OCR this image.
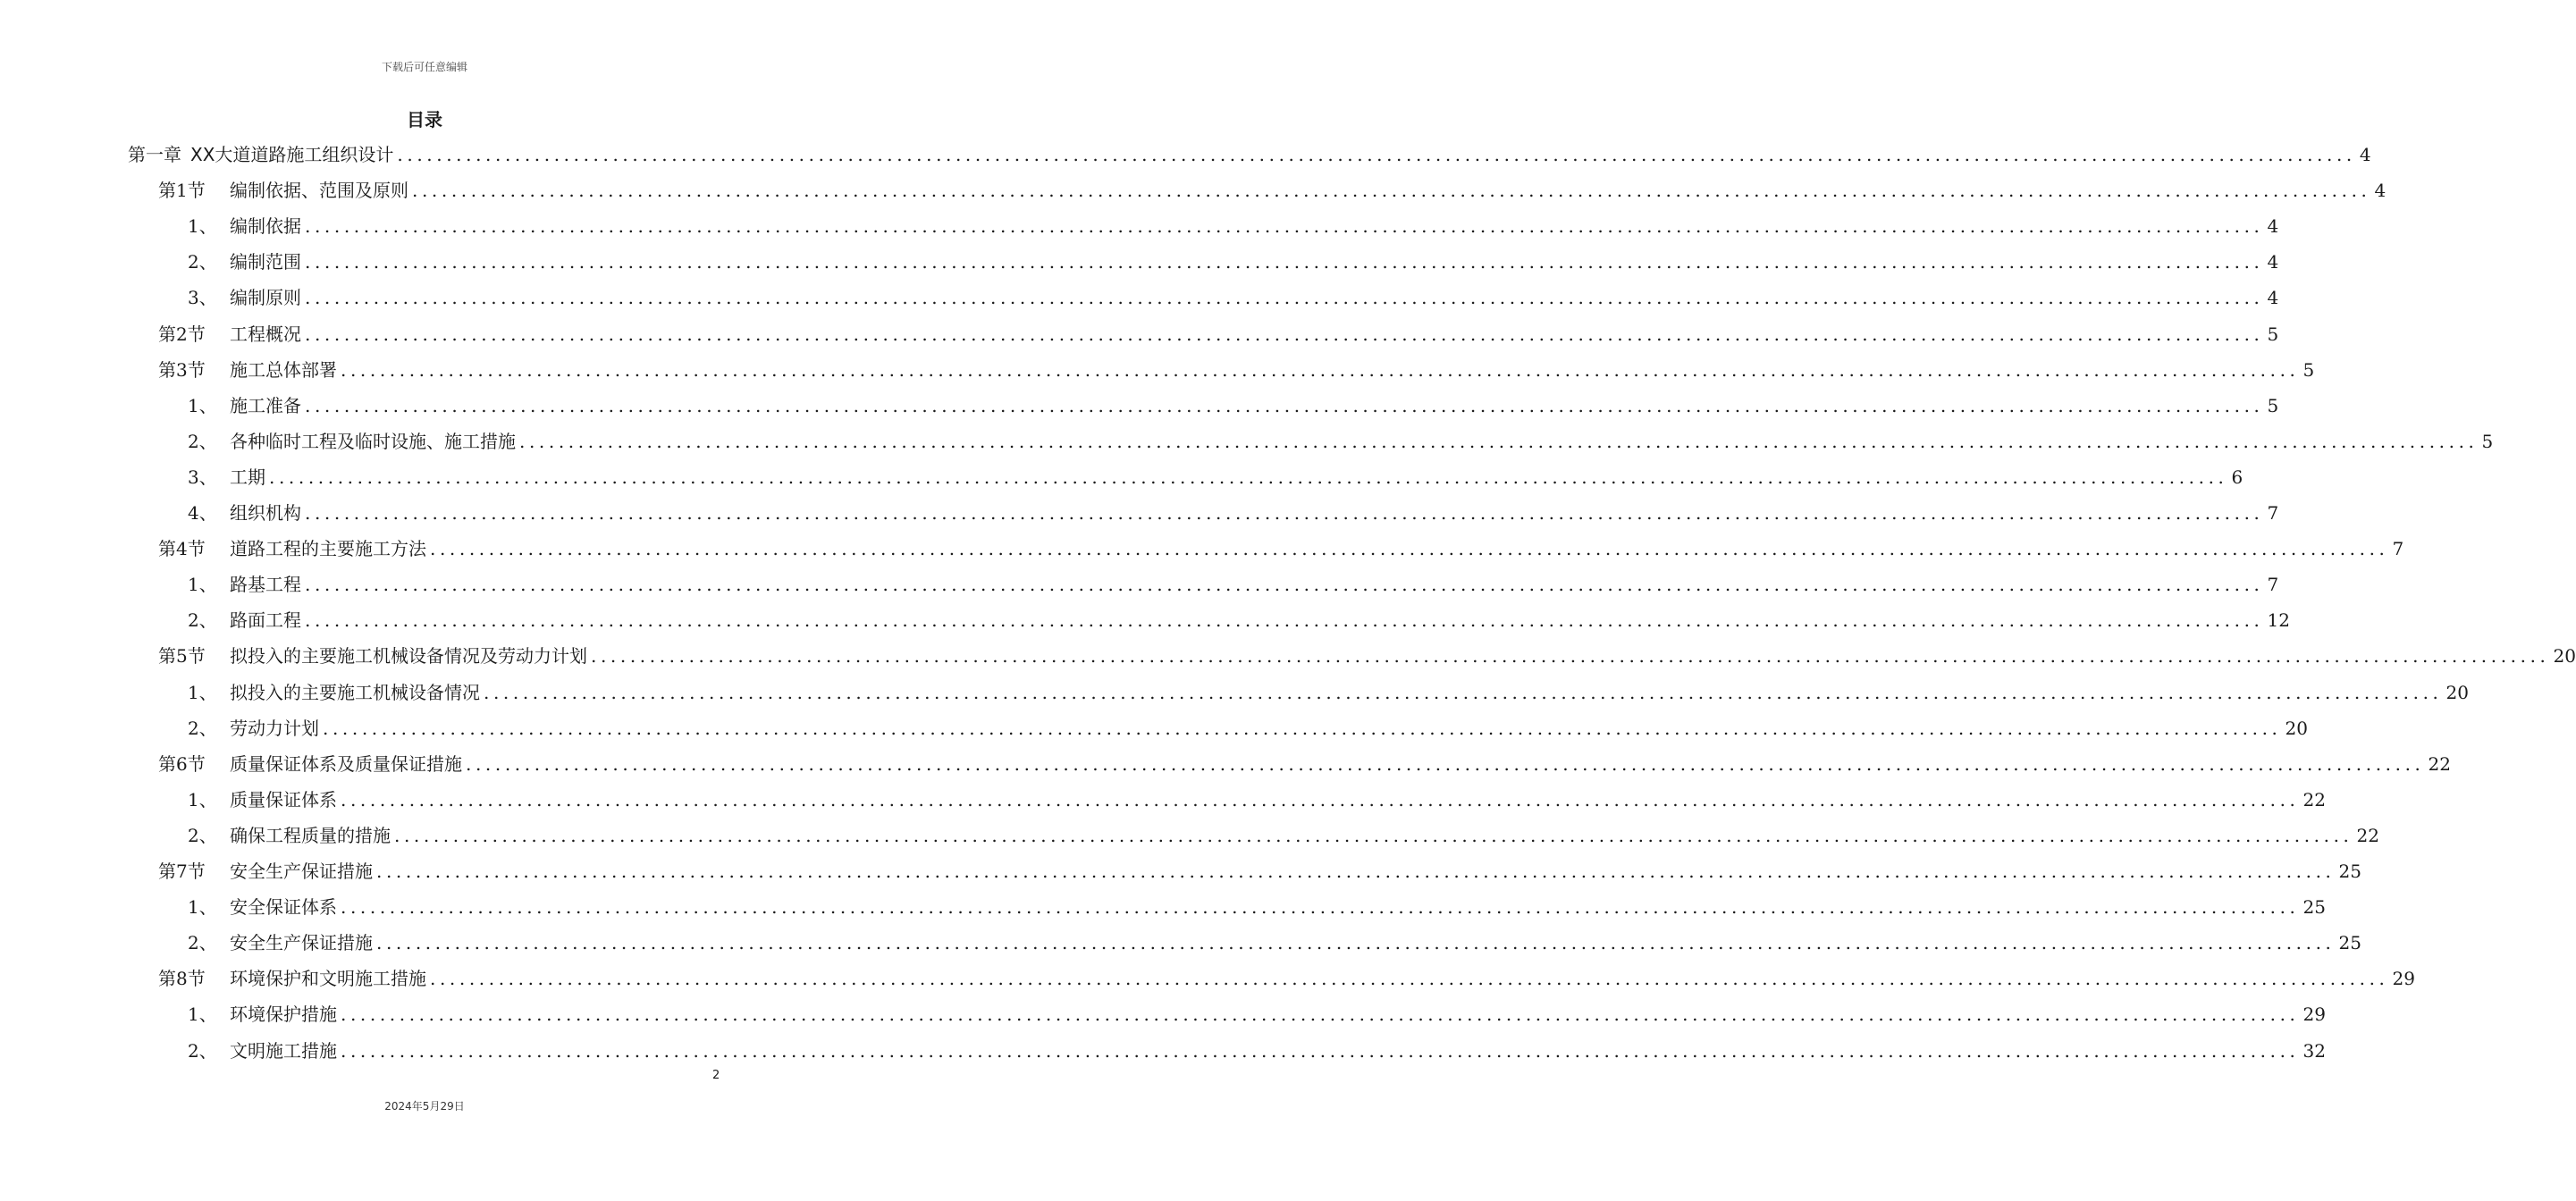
下载后可任意编辑
目录
第一章 XX大道道路施工组织设计 ........................................................................................................................................................................................................ 4
第1节	编制依据、范围及原则 ........................................................................................................................................................................................................ 4
1、 编制依据 ........................................................................................................................................................................................................ 4
2、 编制范围 ........................................................................................................................................................................................................ 4
3、 编制原则 ........................................................................................................................................................................................................ 4
第2节	工程概况 ........................................................................................................................................................................................................ 5
第3节	施工总体部署 ........................................................................................................................................................................................................ 5
1、 施工准备 ........................................................................................................................................................................................................ 5
2、 各种临时工程及临时设施、施工措施 ........................................................................................................................................................................................................ 5
3、 工期 ........................................................................................................................................................................................................ 6
4、 组织机构 ........................................................................................................................................................................................................ 7
第4节	道路工程的主要施工方法 ........................................................................................................................................................................................................ 7
1、 路基工程 ........................................................................................................................................................................................................ 7
2、 路面工程 ........................................................................................................................................................................................................ 12
第5节	拟投入的主要施工机械设备情况及劳动力计划 ........................................................................................................................................................................................................ 20
1、 拟投入的主要施工机械设备情况 ........................................................................................................................................................................................................ 20
2、 劳动力计划 ........................................................................................................................................................................................................ 20
第6节	质量保证体系及质量保证措施 ........................................................................................................................................................................................................ 22
1、 质量保证体系 ........................................................................................................................................................................................................ 22
2、 确保工程质量的措施 ........................................................................................................................................................................................................ 22
第7节	安全生产保证措施 ........................................................................................................................................................................................................ 25
1、 安全保证体系 ........................................................................................................................................................................................................ 25
2、 安全生产保证措施 ........................................................................................................................................................................................................ 25
第8节	环境保护和文明施工措施 ........................................................................................................................................................................................................ 29
1、 环境保护措施 ........................................................................................................................................................................................................ 29
2、 文明施工措施 ........................................................................................................................................................................................................ 32
2
2024年5月29日
